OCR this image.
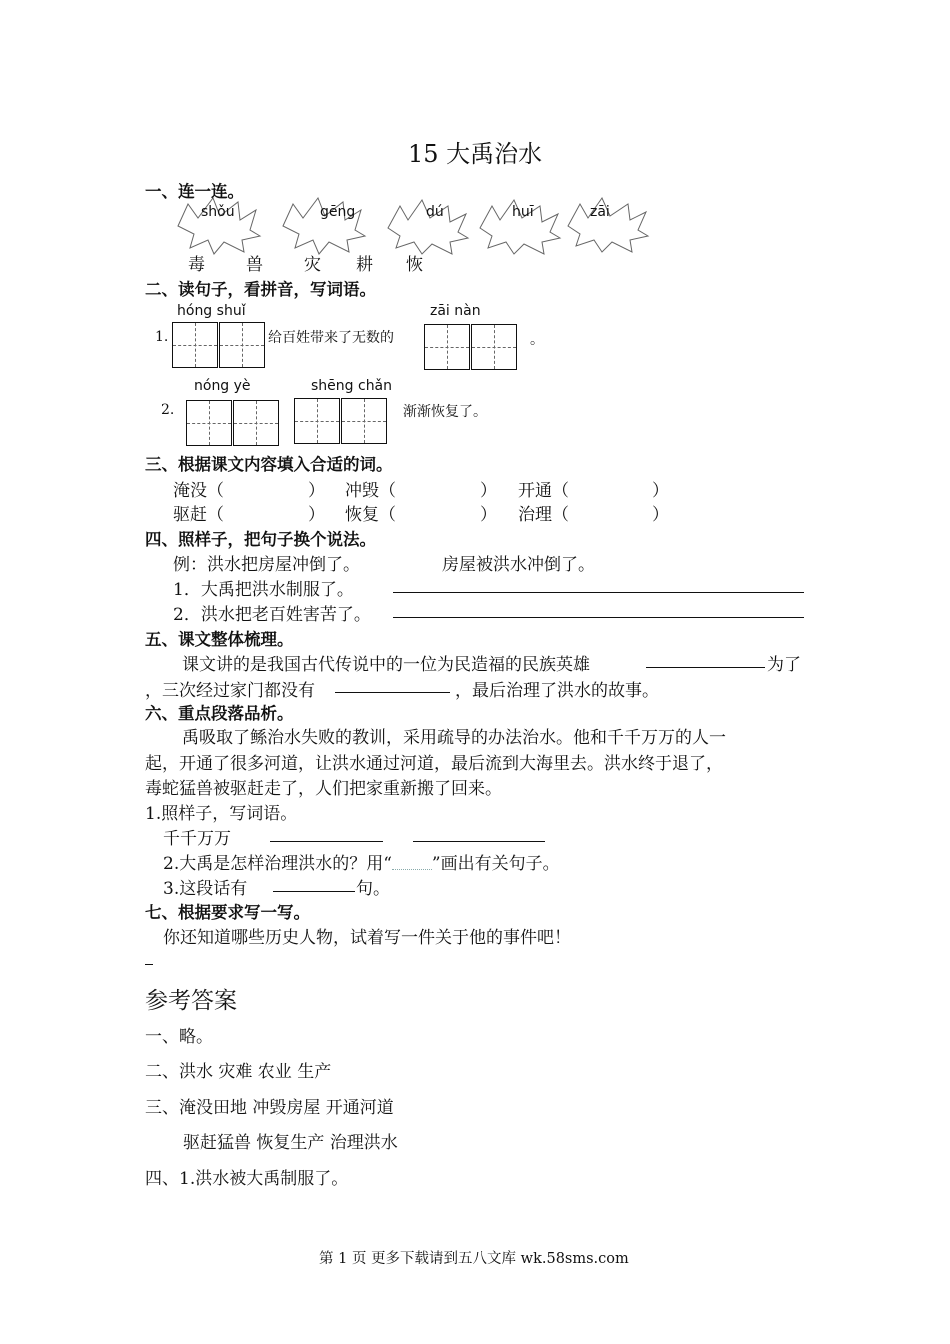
15 大禹治水
一、连一连。
shǒu	gēng	dú	huī	zāi
毒 兽 灾 耕 恢
二、读句子，看拼音，写词语。
hóng shuǐ
1.	给百姓带来了无数的
zāi nàn
。
nóng yè	shēng chǎn
2.	渐渐恢复了。
三、根据课文内容填入合适的词。
淹没（	） 冲毁（	） 开通（	）
驱赶（	） 恢复（	） 治理（	）
四、照样子，把句子换个说法。
例：洪水把房屋冲倒了。	房屋被洪水冲倒了。
1．大禹把洪水制服了。
2．洪水把老百姓害苦了。
五、课文整体梳理。
课文讲的是我国古代传说中的一位为民造福的民族英雄	为了
，三次经过家门都没有	，最后治理了洪水的故事。
六、重点段落品析。
禹吸取了鲧治水失败的教训，采用疏导的办法治水。他和千千万万的人一
起，开通了很多河道，让洪水通过河道，最后流到大海里去。洪水终于退了，
毒蛇猛兽被驱赶走了，人们把家重新搬了回来。
1.照样子，写词语。
千千万万
2.大禹是怎样治理洪水的？用“ ”画出有关句子。
3.这段话有	句。
七、根据要求写一写。
你还知道哪些历史人物，试着写一件关于他的事件吧！
参考答案
一、略。
二、洪水 灾难 农业 生产
三、淹没田地 冲毁房屋 开通河道
驱赶猛兽 恢复生产 治理洪水
四、1.洪水被大禹制服了。
第 1 页 更多下载请到五八文库 wk.58sms.com
